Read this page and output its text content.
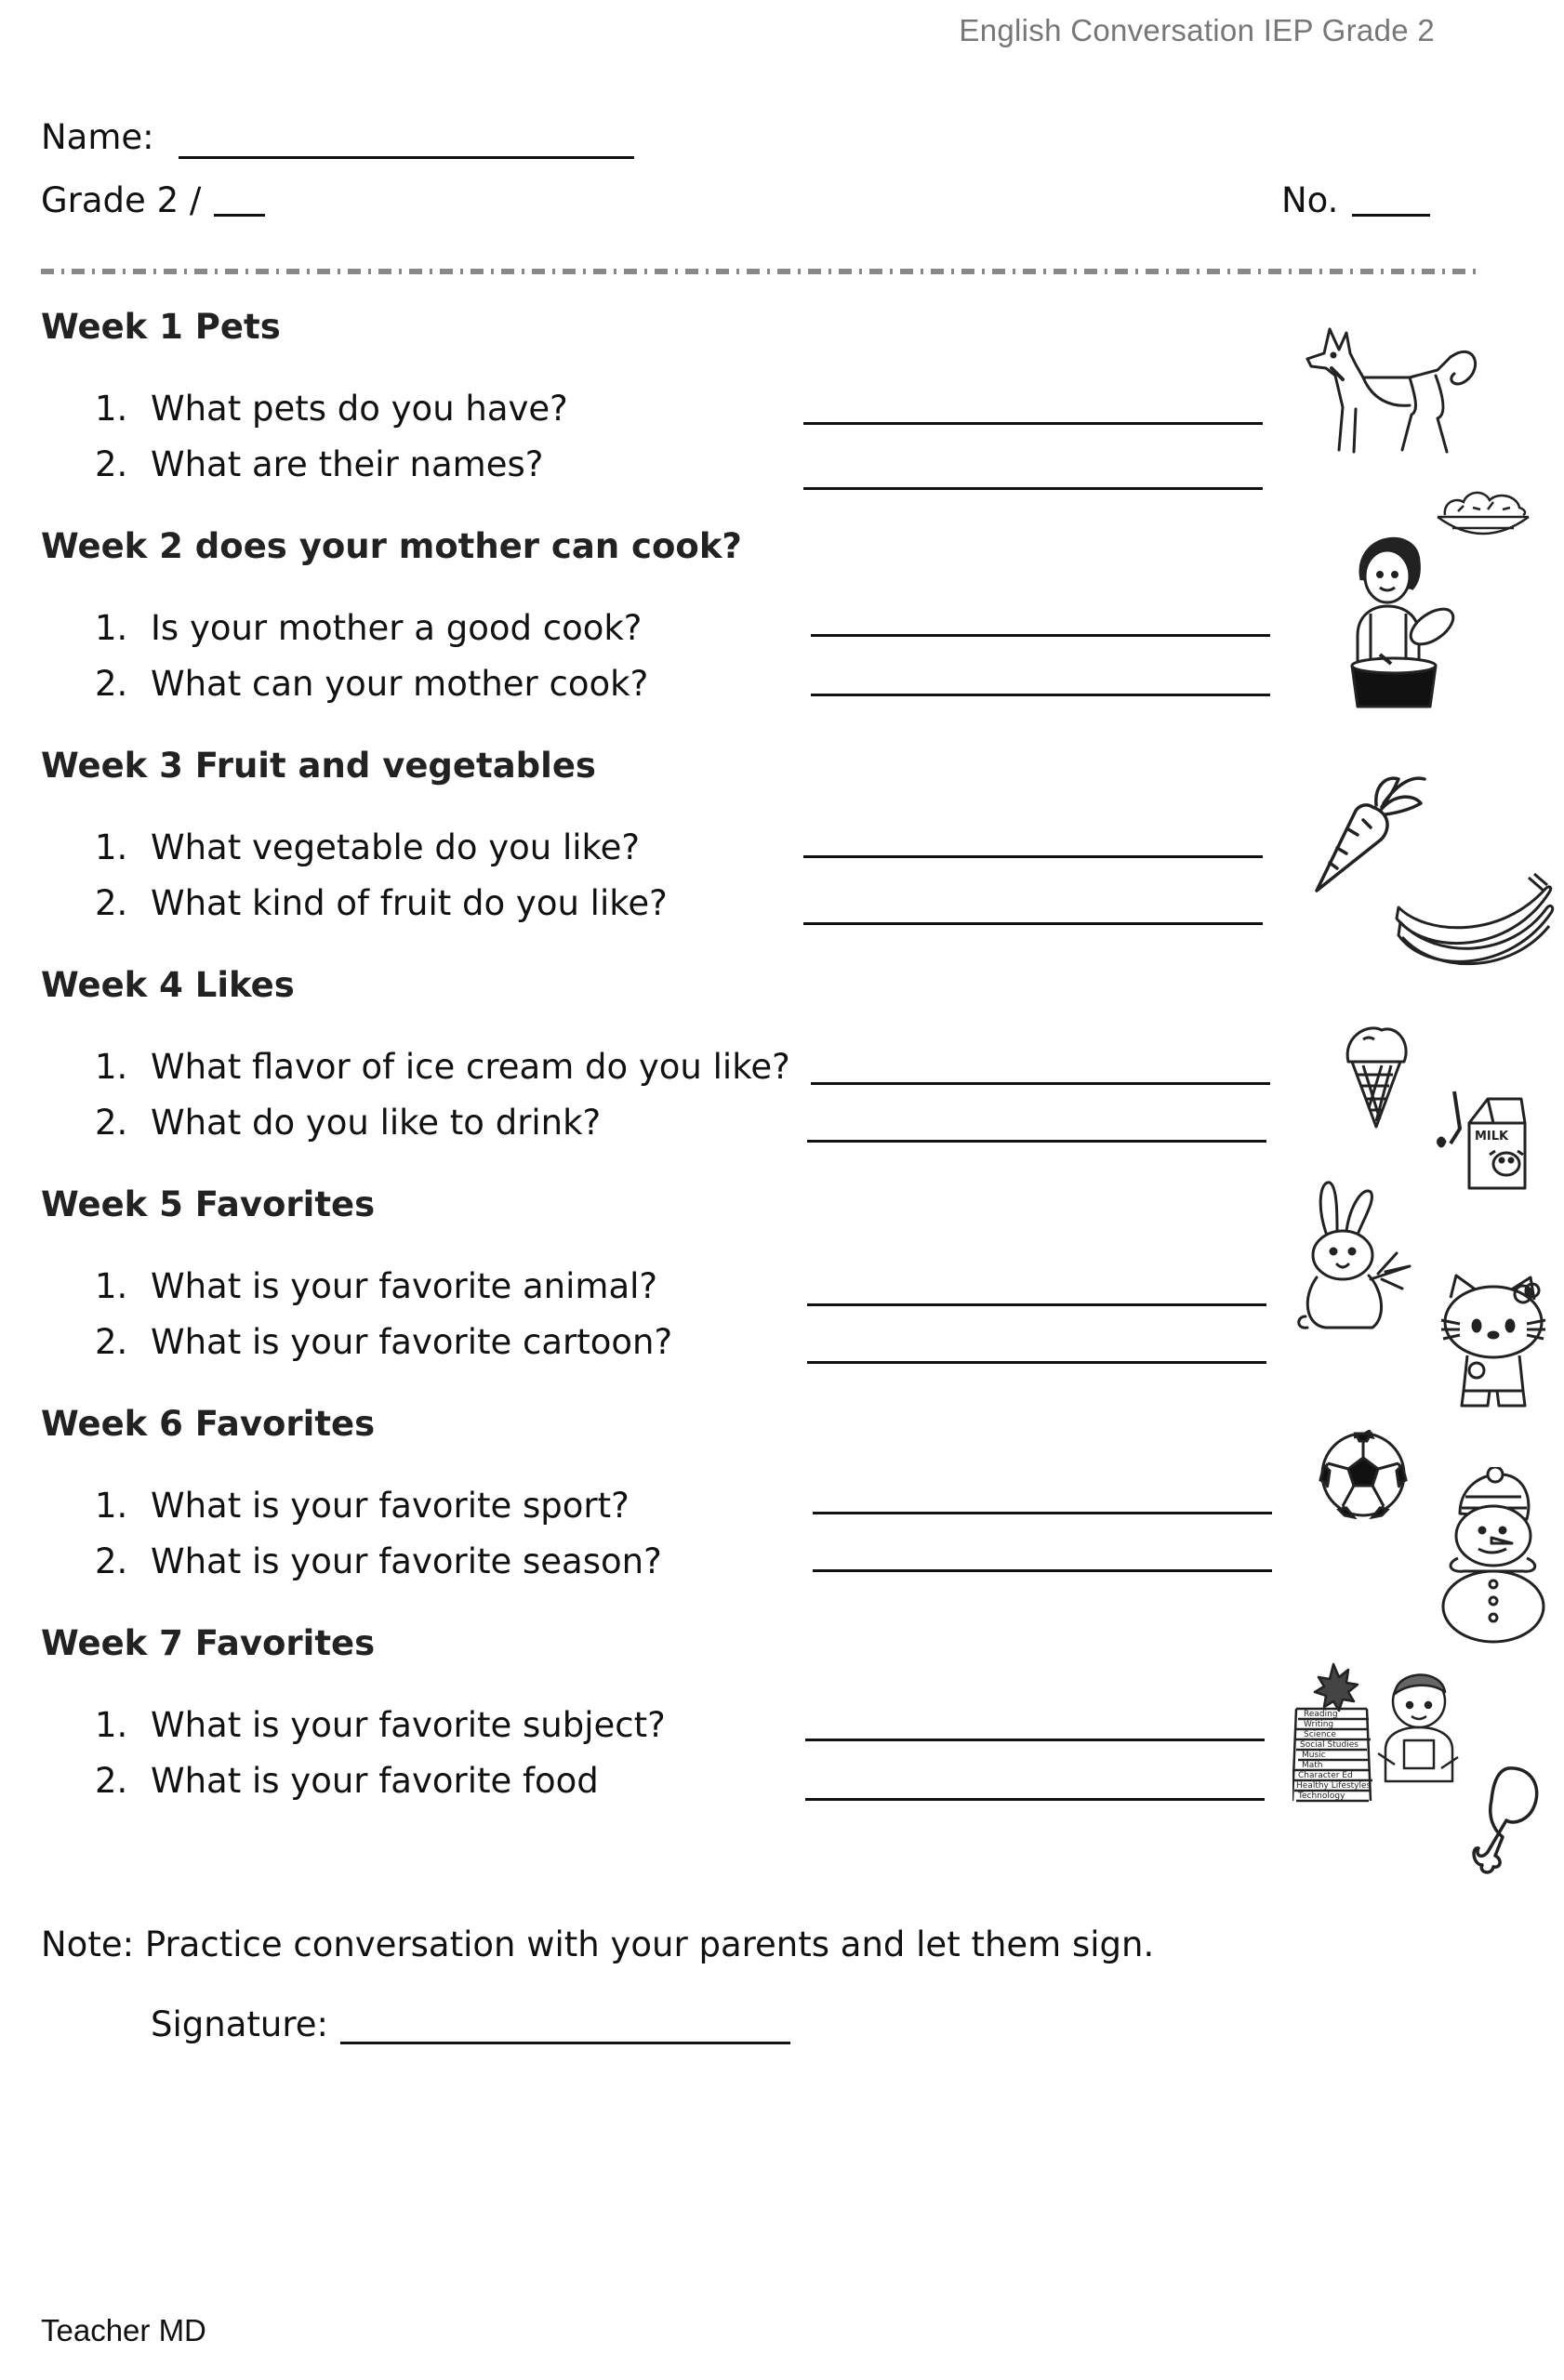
English Conversation IEP Grade 2
Name:
Grade 2 /	No.
Week 1 Pets
1. What pets do you have?
2. What are their names?
Week 2 does your mother can cook?
1. Is your mother a good cook?
2. What can your mother cook?
Week 3 Fruit and vegetables
1. What vegetable do you like?
2. What kind of fruit do you like?
Week 4 Likes
1. What flavor of ice cream do you like?
2. What do you like to drink?
Week 5 Favorites
1. What is your favorite animal?
2. What is your favorite cartoon?
Week 6 Favorites
1. What is your favorite sport?
2. What is your favorite season?
Week 7 Favorites
1. What is your favorite subject?
2. What is your favorite food
MILK
Reading
Writing
Science
Social Studies
Music
Math
Character Ed
Healthy Lifestyles
Technology
Note: Practice conversation with your parents and let them sign.
Signature:
Teacher MD
